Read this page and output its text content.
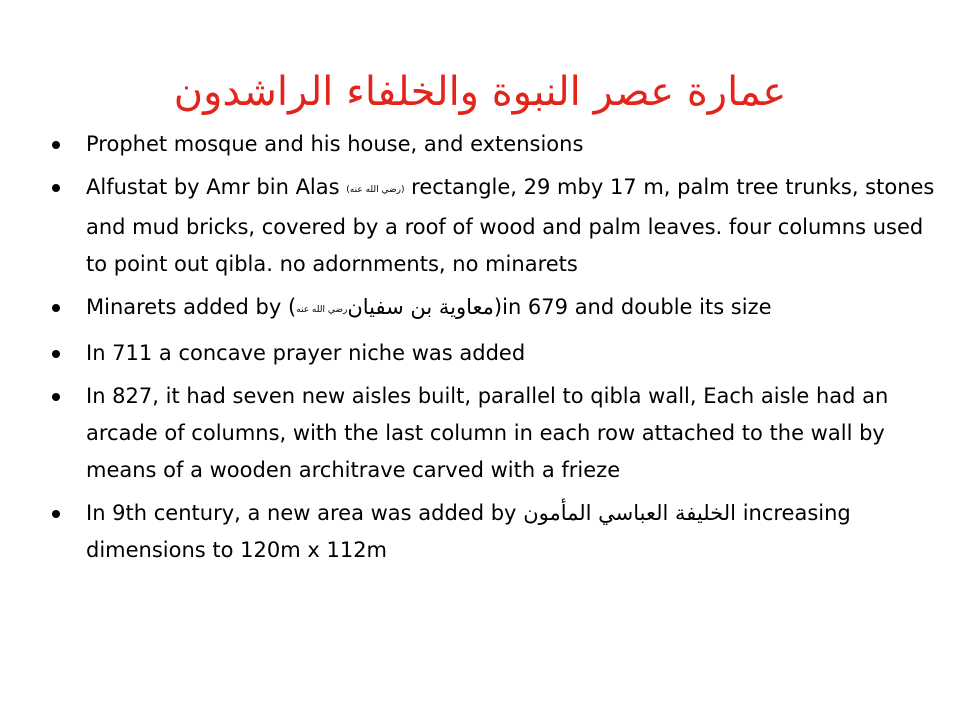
عمارة عصر النبوة والخلفاء الراشدون
Prophet mosque and his house, and extensions
Alfustat by Amr bin Alas (رضي الله عنه) rectangle, 29 mby 17 m, palm tree trunks, stones and mud bricks, covered by a roof of wood and palm leaves. four columns used to point out qibla. no adornments, no minarets
Minarets added by (رضي الله عنهمعاوية بن سفيان)in 679 and double its size
In 711 a concave prayer niche was added
In 827, it had seven new aisles built, parallel to qibla wall, Each aisle had an arcade of columns, with the last column in each row attached to the wall by means of a wooden architrave carved with a frieze
In 9th century, a new area was added by الخليفة العباسي المأمون increasing dimensions to 120m x 112m
